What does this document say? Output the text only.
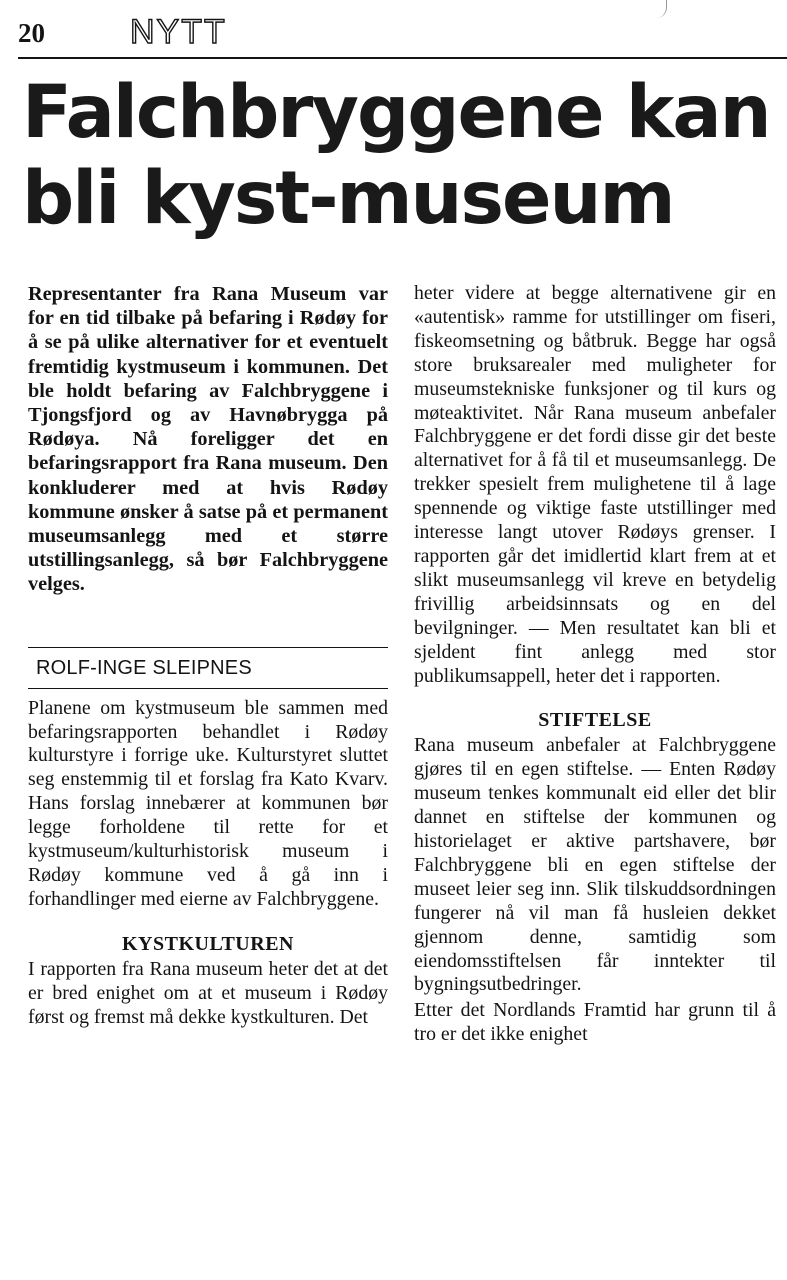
20	NYTT
Falchbryggene kan bli kyst-museum

Representanter fra Rana Museum var for en tid tilbake på befaring i Rødøy for å se på ulike alternativer for et eventuelt fremtidig kystmuseum i kommunen. Det ble holdt befaring av Falchbryggene i Tjongsfjord og av Havnøbrygga på Rødøya. Nå foreligger det en befaringsrapport fra Rana museum. Den konkluderer med at hvis Rødøy kommune ønsker å satse på et permanent museumsanlegg med et større utstillingsanlegg, så bør Falchbryggene velges.

ROLF-INGE SLEIPNES

Planene om kystmuseum ble sammen med befaringsrapporten behandlet i Rødøy kulturstyre i forrige uke. Kulturstyret sluttet seg enstemmig til et forslag fra Kato Kvarv. Hans forslag innebærer at kommunen bør legge forholdene til rette for et kystmuseum/kulturhistorisk museum i Rødøy kommune ved å gå inn i forhandlinger med eierne av Falchbryggene.

KYSTKULTUREN

I rapporten fra Rana museum heter det at det er bred enighet om at et museum i Rødøy først og fremst må dekke kystkulturen. Det

heter videre at begge alternativene gir en «autentisk» ramme for utstillinger om fiseri, fiskeomsetning og båtbruk. Begge har også store bruksarealer med muligheter for museumstekniske funksjoner og til kurs og møteaktivitet. Når Rana museum anbefaler Falchbryggene er det fordi disse gir det beste alternativet for å få til et museumsanlegg. De trekker spesielt frem mulighetene til å lage spennende og viktige faste utstillinger med interesse langt utover Rødøys grenser. I rapporten går det imidlertid klart frem at et slikt museumsanlegg vil kreve en betydelig frivillig arbeidsinnsats og en del bevilgninger. — Men resultatet kan bli et sjeldent fint anlegg med stor publikumsappell, heter det i rapporten.

STIFTELSE

Rana museum anbefaler at Falchbryggene gjøres til en egen stiftelse. — Enten Rødøy museum tenkes kommunalt eid eller det blir dannet en stiftelse der kommunen og historielaget er aktive partshavere, bør Falchbryggene bli en egen stiftelse der museet leier seg inn. Slik tilskuddsordningen fungerer nå vil man få husleien dekket gjennom denne, samtidig som eiendomsstiftelsen får inntekter til bygningsutbedringer.

Etter det Nordlands Framtid har grunn til å tro er det ikke enighet
